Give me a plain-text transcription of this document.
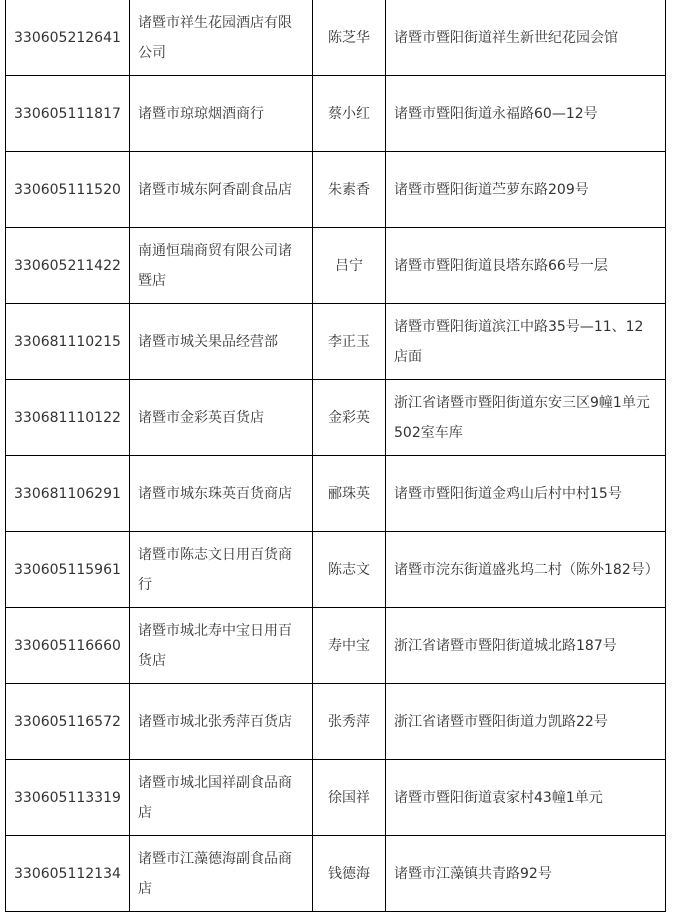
330605212641	诸暨市祥生花园酒店有限公司	陈芝华	诸暨市暨阳街道祥生新世纪花园会馆
330605111817	诸暨市琼琼烟酒商行	蔡小红	诸暨市暨阳街道永福路60—12号
330605111520	诸暨市城东阿香副食品店	朱素香	诸暨市暨阳街道苎萝东路209号
330605211422	南通恒瑞商贸有限公司诸暨店	吕宁	诸暨市暨阳街道艮塔东路66号一层
330681110215	诸暨市城关果品经营部	李正玉	诸暨市暨阳街道滨江中路35号—11、12店面
330681110122	诸暨市金彩英百货店	金彩英	浙江省诸暨市暨阳街道东安三区9幢1单元502室车库
330681106291	诸暨市城东珠英百货商店	郦珠英	诸暨市暨阳街道金鸡山后村中村15号
330605115961	诸暨市陈志文日用百货商行	陈志文	诸暨市浣东街道盛兆坞二村（陈外182号）
330605116660	诸暨市城北寿中宝日用百货店	寿中宝	浙江省诸暨市暨阳街道城北路187号
330605116572	诸暨市城北张秀萍百货店	张秀萍	浙江省诸暨市暨阳街道力凯路22号
330605113319	诸暨市城北国祥副食品商店	徐国祥	诸暨市暨阳街道袁家村43幢1单元
330605112134	诸暨市江藻德海副食品商店	钱德海	诸暨市江藻镇共青路92号
